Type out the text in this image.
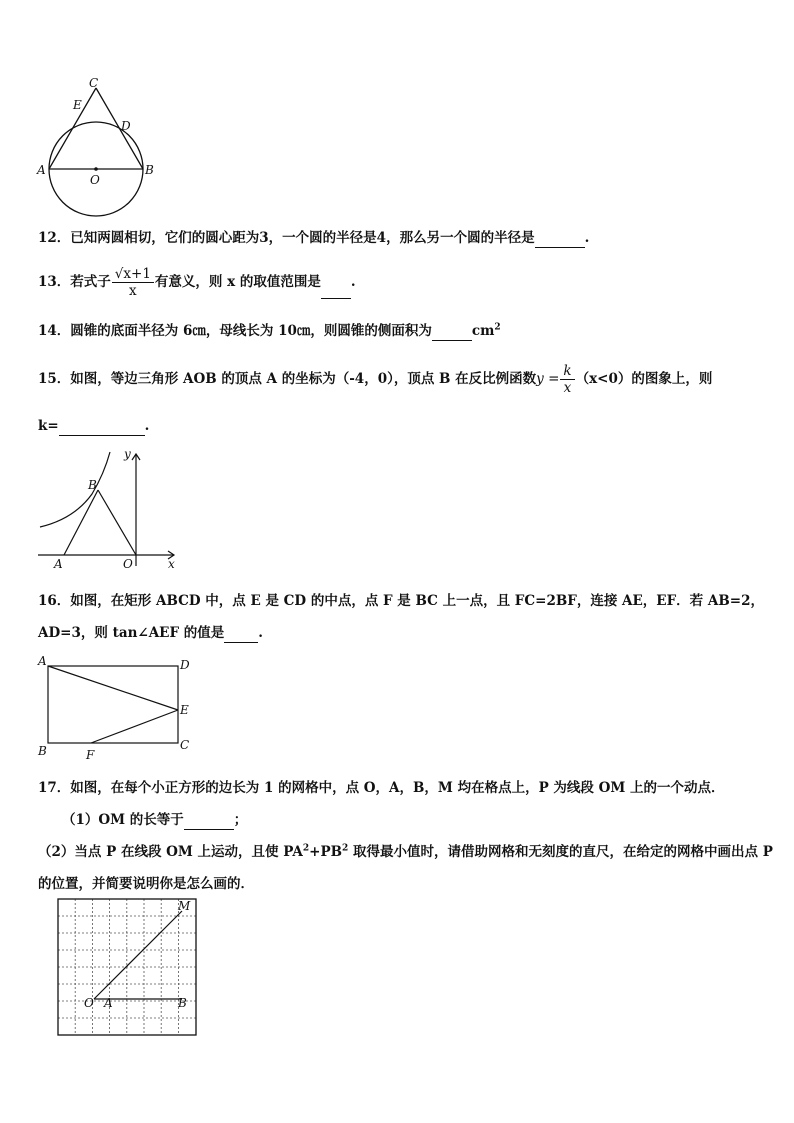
C
E
D
A
O
B
12．已知两圆相切，它们的圆心距为3，一个圆的半径是4，那么另一个圆的半径是	.
13．若式子 $\frac{√x+1}{x}$ 有意义，则 x 的取值范围是 .
14．圆锥的底面半径为 6㎝，母线长为 10㎝，则圆锥的侧面积为	$cm^2$
15．如图，等边三角形 AOB 的顶点 A 的坐标为（-4，0），顶点 B 在反比例函数$y = \frac{k}{x} (x<0)$的图象上，则
k=	.
y
B
A	O	x
16．如图，在矩形 ABCD 中，点 E 是 CD 的中点，点 F 是 BC 上一点，且 FC=2BF，连接 AE，EF．若 AB=2，
AD=3，则 tan∠AEF 的值是	.
A	D
E
B	F
C
17．如图，在每个小正方形的边长为 1 的网格中，点 O，A，B，M 均在格点上，P 为线段 OM 上的一个动点．
（1）OM 的长等于	；
（2）当点 P 在线段 OM 上运动，且使 $PA^2+PB^2$ 取得最小值时，请借助网格和无刻度的直尺，在给定的网格中画出点 P
的位置，并简要说明你是怎么画的．
M
O A	B
